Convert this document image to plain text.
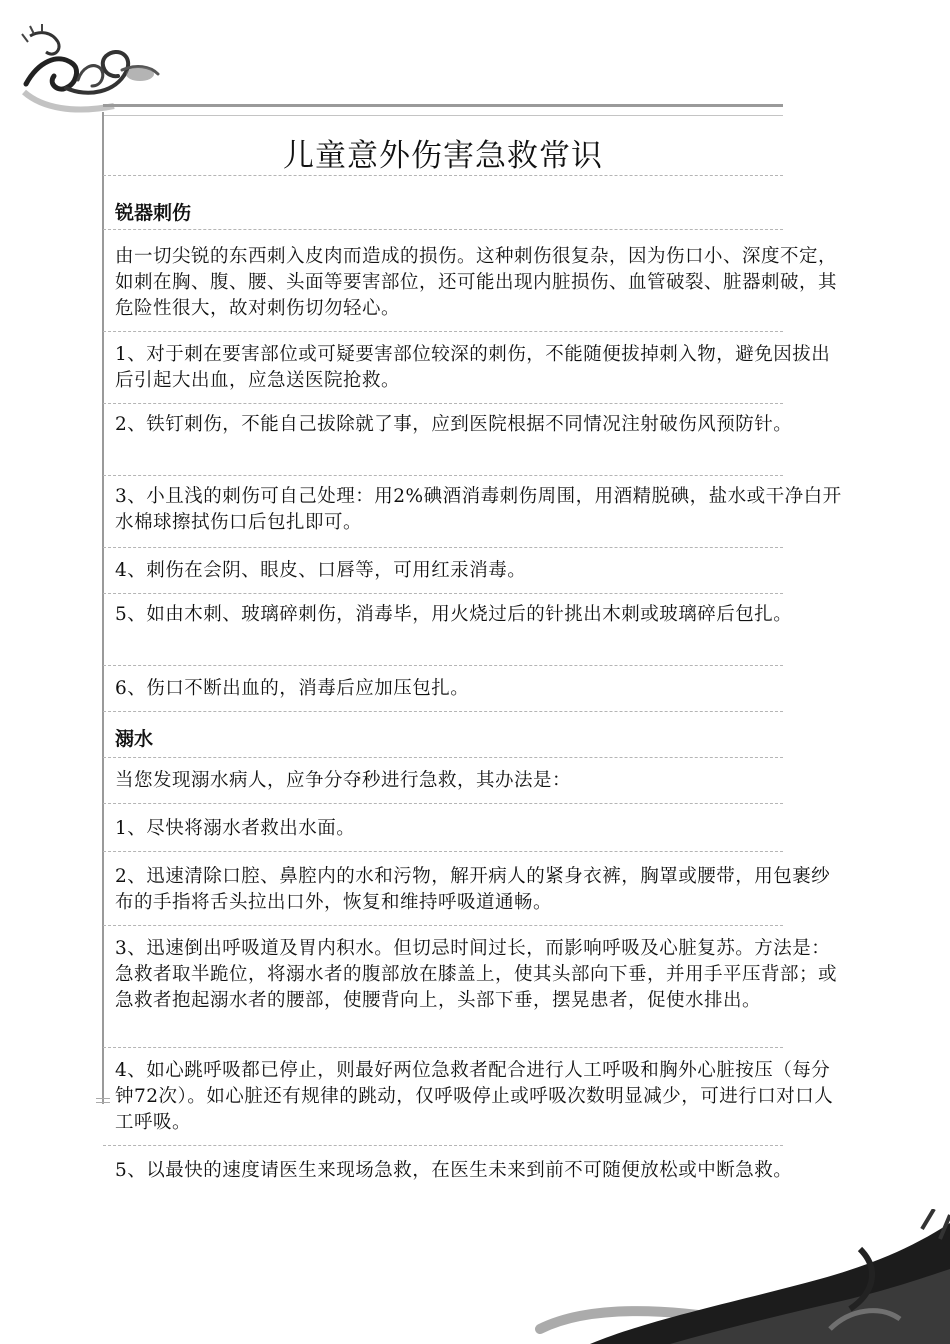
儿童意外伤害急救常识
锐器刺伤

由一切尖锐的东西刺入皮肉而造成的损伤。这种刺伤很复杂，因为伤口小、深度不定，如刺在胸、腹、腰、头面等要害部位，还可能出现内脏损伤、血管破裂、脏器刺破，其危险性很大，故对刺伤切勿轻心。

1、对于刺在要害部位或可疑要害部位较深的刺伤，不能随便拔掉刺入物，避免因拔出后引起大出血，应急送医院抢救。

2、铁钉刺伤，不能自己拔除就了事，应到医院根据不同情况注射破伤风预防针。

3、小且浅的刺伤可自己处理：用2%碘酒消毒刺伤周围，用酒精脱碘，盐水或干净白开水棉球擦拭伤口后包扎即可。

4、刺伤在会阴、眼皮、口唇等，可用红汞消毒。

5、如由木刺、玻璃碎刺伤，消毒毕，用火烧过后的针挑出木刺或玻璃碎后包扎。

6、伤口不断出血的，消毒后应加压包扎。

溺水

当您发现溺水病人，应争分夺秒进行急救，其办法是：

1、尽快将溺水者救出水面。

2、迅速清除口腔、鼻腔内的水和污物，解开病人的紧身衣裤，胸罩或腰带，用包裹纱布的手指将舌头拉出口外，恢复和维持呼吸道通畅。

3、迅速倒出呼吸道及胃内积水。但切忌时间过长，而影响呼吸及心脏复苏。方法是：急救者取半跪位，将溺水者的腹部放在膝盖上，使其头部向下垂，并用手平压背部；或急救者抱起溺水者的腰部，使腰背向上，头部下垂，摆晃患者，促使水排出。

4、如心跳呼吸都已停止，则最好两位急救者配合进行人工呼吸和胸外心脏按压（每分钟72次）。如心脏还有规律的跳动，仅呼吸停止或呼吸次数明显减少，可进行口对口人工呼吸。

5、以最快的速度请医生来现场急救，在医生未来到前不可随便放松或中断急救。
